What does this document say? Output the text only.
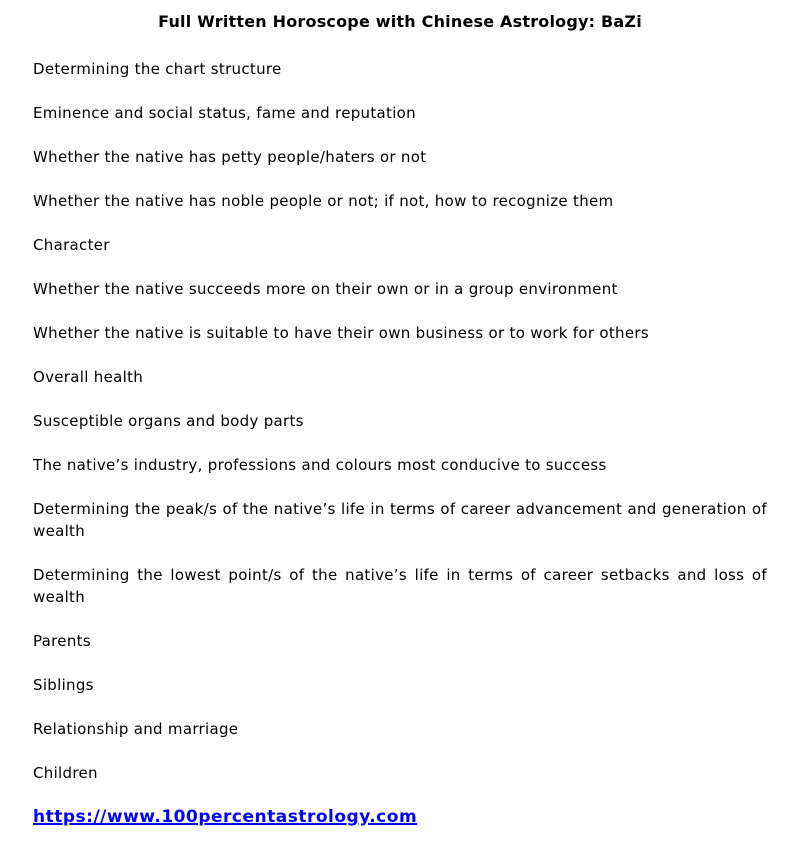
Full Written Horoscope with Chinese Astrology: BaZi

Determining the chart structure

Eminence and social status, fame and reputation

Whether the native has petty people/haters or not

Whether the native has noble people or not; if not, how to recognize them

Character

Whether the native succeeds more on their own or in a group environment

Whether the native is suitable to have their own business or to work for others

Overall health

Susceptible organs and body parts

The native’s industry, professions and colours most conducive to success

Determining the peak/s of the native’s life in terms of career advancement and generation of wealth

Determining the lowest point/s of the native’s life in terms of career setbacks and loss of wealth

Parents

Siblings

Relationship and marriage

Children

https://www.100percentastrology.com
